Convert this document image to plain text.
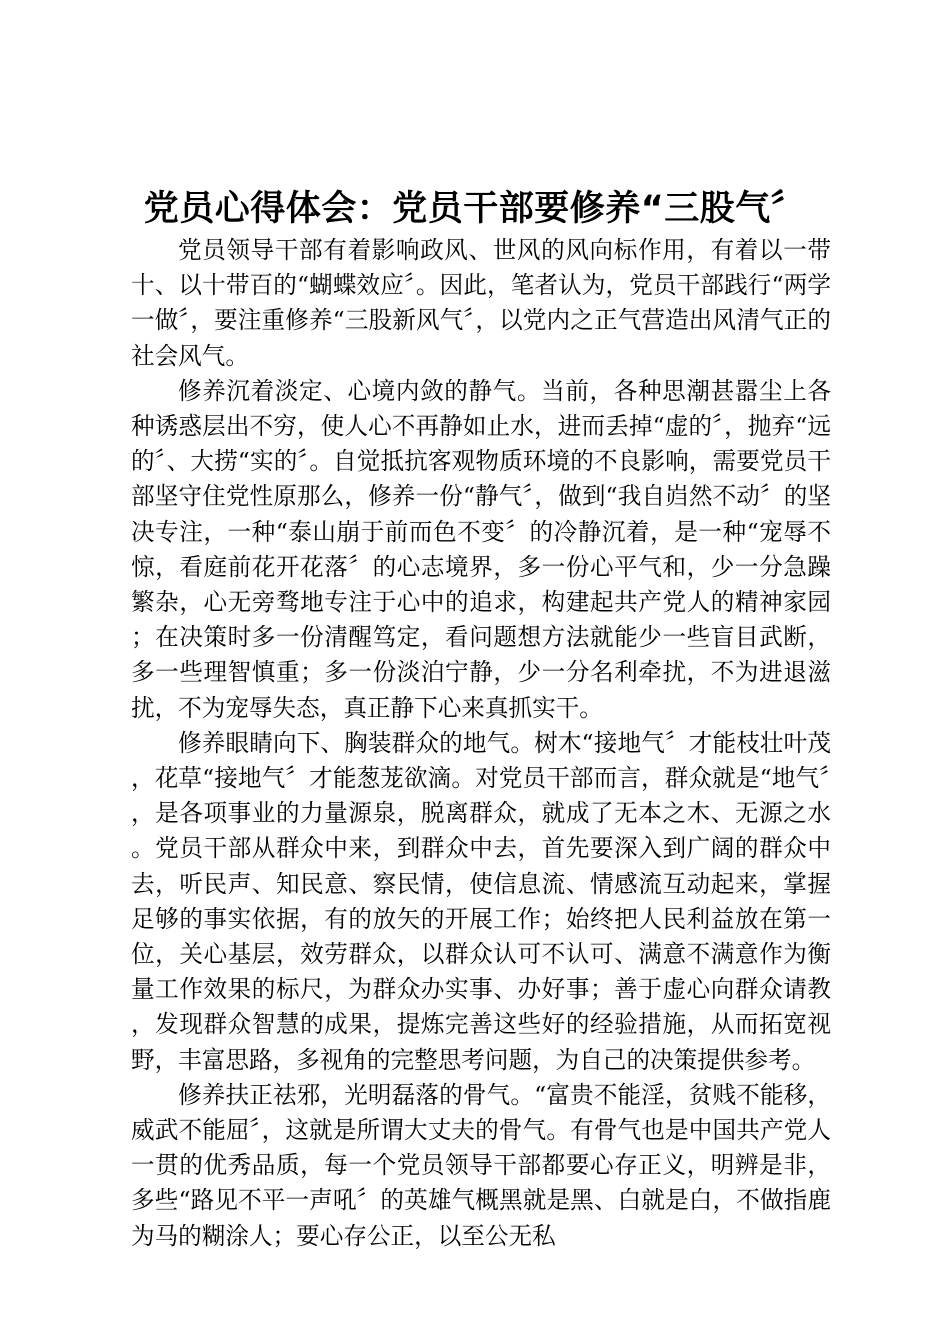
党员心得体会：党员干部要修养“三股气〞

党员领导干部有着影响政风、世风的风向标作用，有着以一带十、以十带百的“蝴蝶效应〞。因此，笔者认为，党员干部践行“两学一做〞，要注重修养“三股新风气〞，以党内之正气营造出风清气正的社会风气。

修养沉着淡定、心境内敛的静气。当前，各种思潮甚嚣尘上各种诱惑层出不穷，使人心不再静如止水，进而丢掉“虚的〞，抛弃“远的〞、大捞“实的〞。自觉抵抗客观物质环境的不良影响，需要党员干部坚守住党性原那么，修养一份“静气〞，做到“我自岿然不动〞的坚决专注，一种“泰山崩于前而色不变〞的冷静沉着，是一种“宠辱不惊，看庭前花开花落〞的心志境界，多一份心平气和，少一分急躁繁杂，心无旁骛地专注于心中的追求，构建起共产党人的精神家园；在决策时多一份清醒笃定，看问题想方法就能少一些盲目武断，多一些理智慎重；多一份淡泊宁静，少一分名利牵扰，不为进退滋扰，不为宠辱失态，真正静下心来真抓实干。

修养眼睛向下、胸装群众的地气。树木“接地气〞才能枝壮叶茂，花草“接地气〞才能葱茏欲滴。对党员干部而言，群众就是“地气〞，是各项事业的力量源泉，脱离群众，就成了无本之木、无源之水。党员干部从群众中来，到群众中去，首先要深入到广阔的群众中去，听民声、知民意、察民情，使信息流、情感流互动起来，掌握足够的事实依据，有的放矢的开展工作；始终把人民利益放在第一位，关心基层，效劳群众，以群众认可不认可、满意不满意作为衡量工作效果的标尺，为群众办实事、办好事；善于虚心向群众请教，发现群众智慧的成果，提炼完善这些好的经验措施，从而拓宽视野，丰富思路，多视角的完整思考问题，为自己的决策提供参考。

修养扶正祛邪，光明磊落的骨气。“富贵不能淫，贫贱不能移，威武不能屈〞，这就是所谓大丈夫的骨气。有骨气也是中国共产党人一贯的优秀品质，每一个党员领导干部都要心存正义，明辨是非，多些“路见不平一声吼〞的英雄气概黑就是黑、白就是白，不做指鹿为马的糊涂人；要心存公正，以至公无私
